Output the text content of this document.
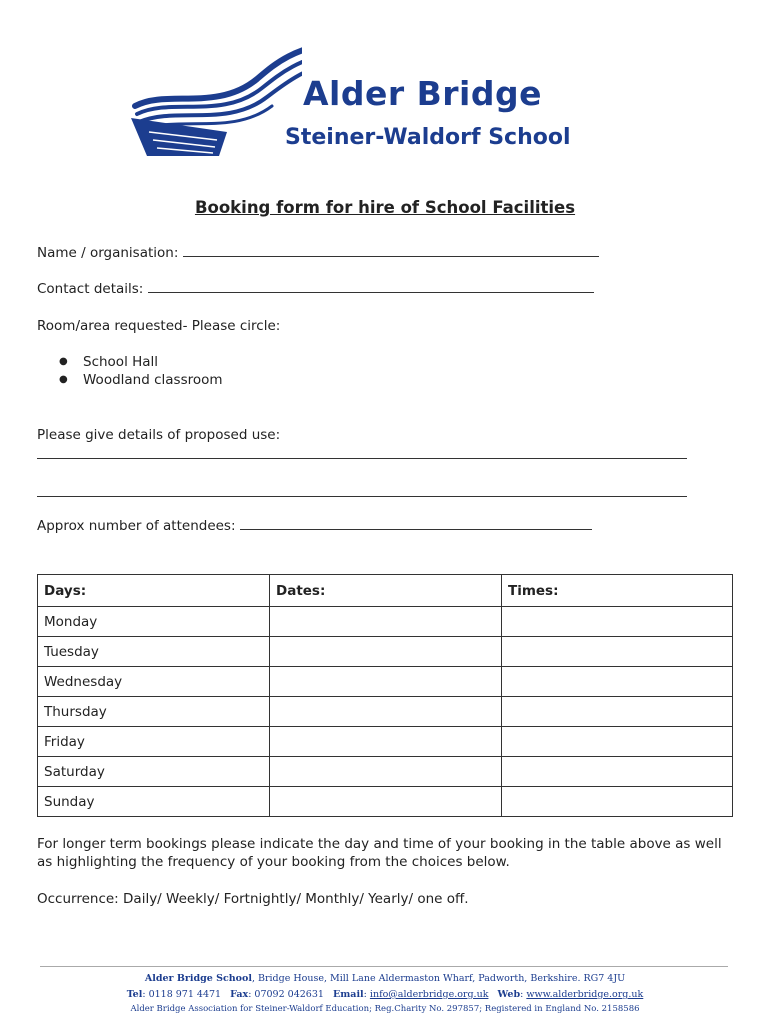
Alder Bridge
Steiner-Waldorf School
Booking form for hire of School Facilities
Name / organisation:
Contact details:
Room/area requested- Please circle:
● School Hall
● Woodland classroom
Please give details of proposed use:
Approx number of attendees:
Days:	Dates:	Times:
Monday		
Tuesday		
Wednesday		
Thursday		
Friday		
Saturday		
Sunday		
For longer term bookings please indicate the day and time of your booking in the table above as well as highlighting the frequency of your booking from the choices below.
Occurrence: Daily/ Weekly/ Fortnightly/ Monthly/ Yearly/ one off.
Alder Bridge School, Bridge House, Mill Lane Aldermaston Wharf, Padworth, Berkshire. RG7 4JU
Tel: 0118 971 4471 Fax: 07092 042631 Email: info@alderbridge.org.uk Web: www.alderbridge.org.uk
Alder Bridge Association for Steiner-Waldorf Education; Reg.Charity No. 297857; Registered in England No. 2158586
